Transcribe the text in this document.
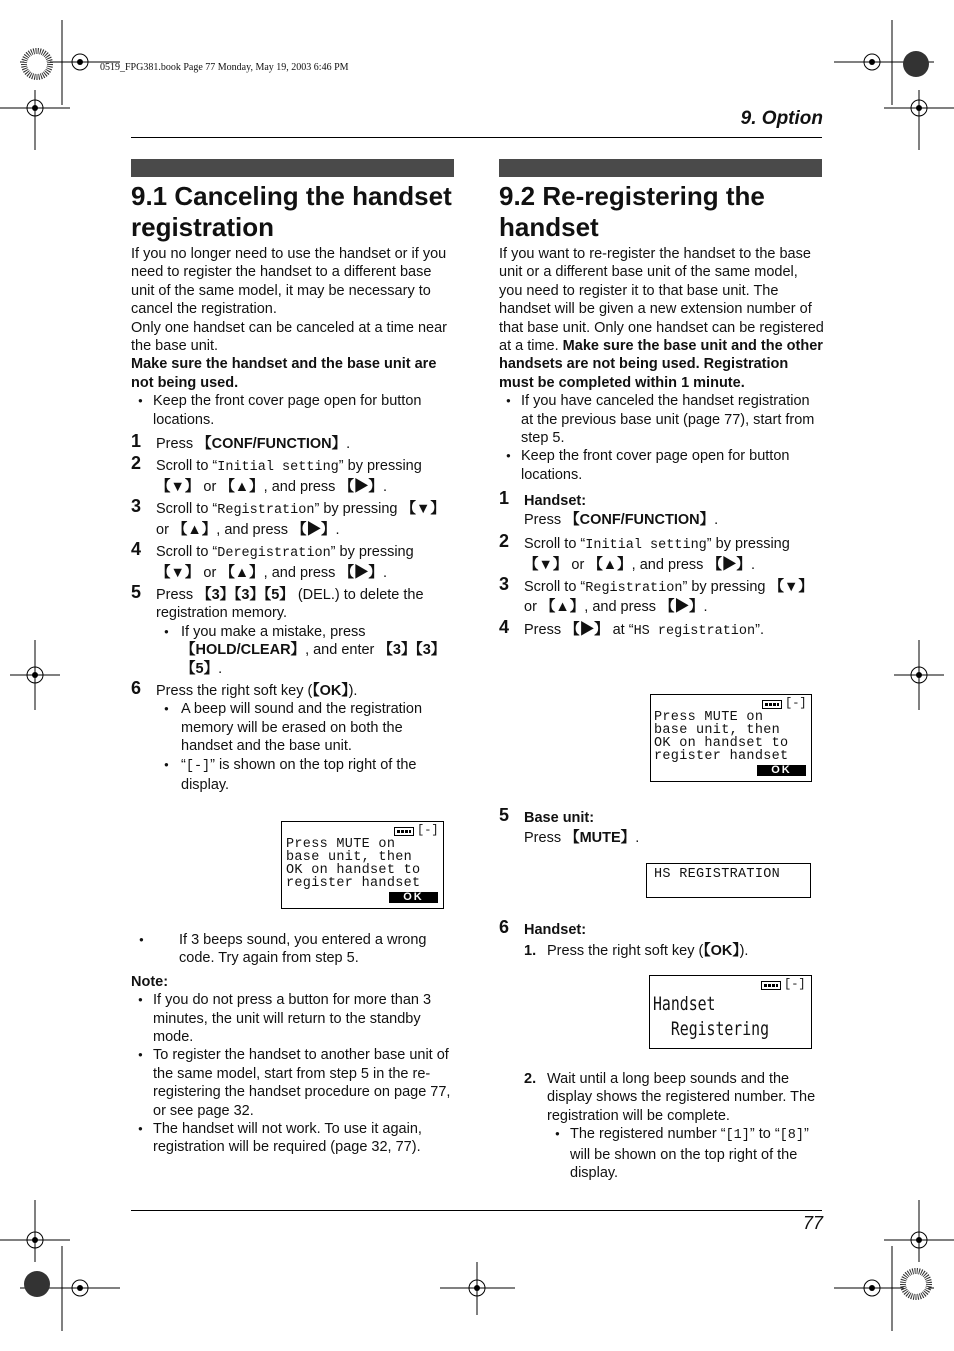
0519_FPG381.book Page 77 Monday, May 19, 2003 6:46 PM
9. Option
77
9.1 Canceling the handset
registration

If you no longer need to use the handset or if you need to register the handset to a different base unit of the same model, it may be necessary to cancel the registration.

Only one handset can be canceled at a time near the base unit.

Make sure the handset and the base unit are not being used.

● Keep the front cover page open for button locations.
1 Press 【CONF/FUNCTION】.
2 Scroll to “Initial setting” by pressing 【▼】 or 【▲】, and press 【▶】.
3 Scroll to “Registration” by pressing 【▼】 or 【▲】, and press 【▶】.
4 Scroll to “Deregistration” by pressing 【▼】 or 【▲】, and press 【▶】.
5 Press 【3】【3】【5】 (DEL.) to delete the registration memory.
● If you make a mistake, press 【HOLD/CLEAR】, and enter 【3】【3】【5】.
6 Press the right soft key (【OK】).
● A beep will sound and the registration memory will be erased on both the handset and the base unit.
● “[-]” is shown on the top right of the display.
[-]
Press MUTE on
base unit, then
OK on handset to
register handset
OK
● If 3 beeps sound, you entered a wrong code. Try again from step 5.

Note:

● If you do not press a button for more than 3 minutes, the unit will return to the standby mode.
● To register the handset to another base unit of the same model, start from step 5 in the re-registering the handset procedure on page 77, or see page 32.
● The handset will not work. To use it again, registration will be required (page 32, 77).
9.2 Re-registering the
handset

If you want to re-register the handset to the base unit or a different base unit of the same model, you need to register it to that base unit. The handset will be given a new extension number of that base unit. Only one handset can be registered at a time. Make sure the base unit and the other handsets are not being used. Registration must be completed within 1 minute.

● If you have canceled the handset registration at the previous base unit (page 77), start from step 5.
● Keep the front cover page open for button locations.
1 Handset:
Press 【CONF/FUNCTION】.
2 Scroll to “Initial setting” by pressing 【▼】 or 【▲】, and press 【▶】.
3 Scroll to “Registration” by pressing 【▼】 or 【▲】, and press 【▶】.
4 Press 【▶】 at “HS registration”.
[-]
Press MUTE on
base unit, then
OK on handset to
register handset
OK
5 Base unit:
Press 【MUTE】.
HS REGISTRATION
6 Handset:
1. Press the right soft key (【OK】).
[-]
Handset
Registering
2. Wait until a long beep sounds and the display shows the registered number. The registration will be complete.
● The registered number “[1]” to “[8]” will be shown on the top right of the display.
